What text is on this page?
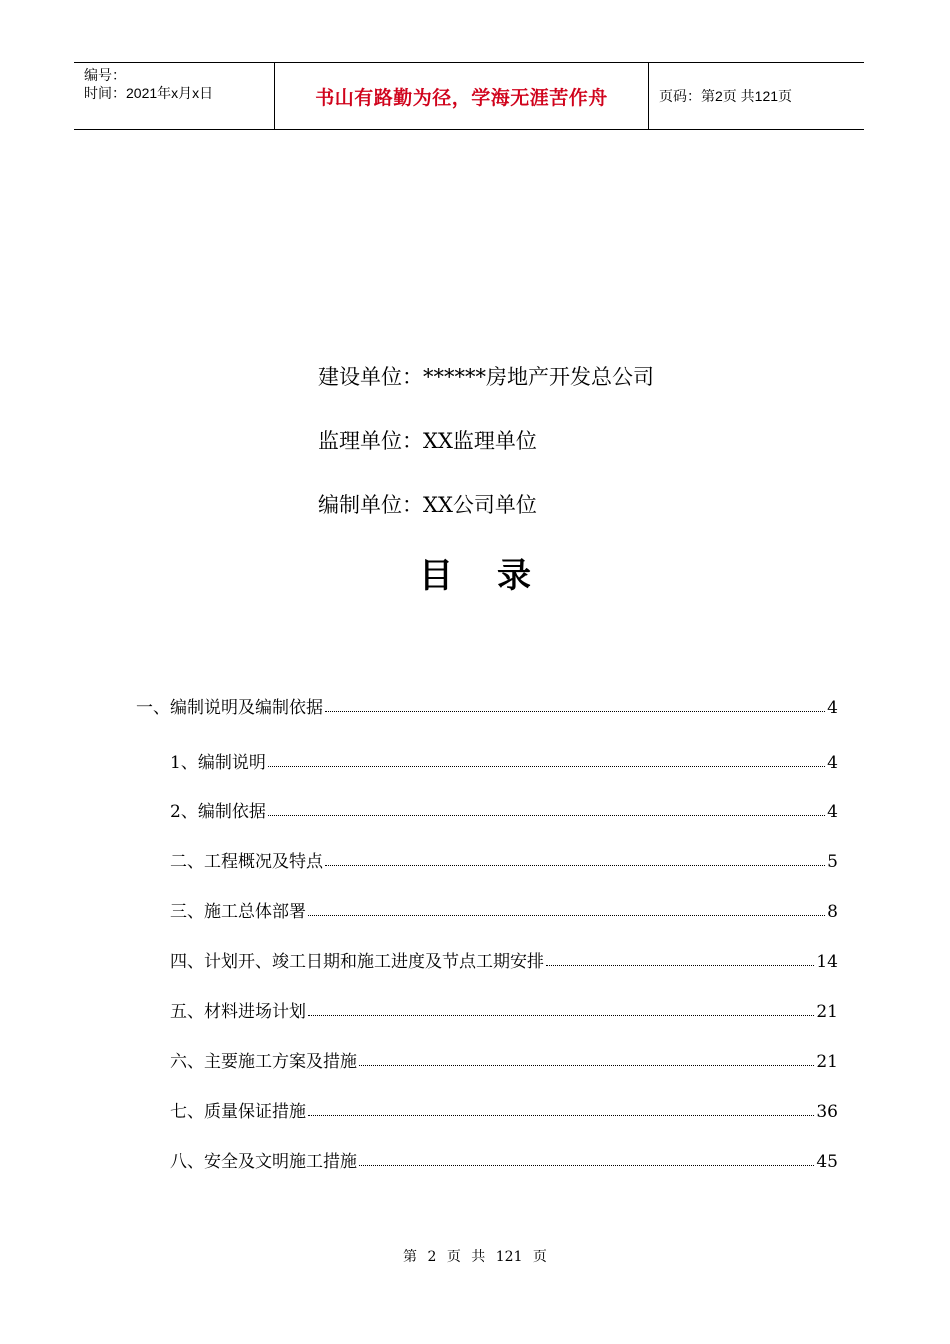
编号：
时间：2021年x月x日	书山有路勤为径，学海无涯苦作舟	页码：第2页 共121页
建设单位：******房地产开发总公司
监理单位：XX监理单位
编制单位：XX公司单位
目录
一、编制说明及编制依据	4
1、编制说明	4
2、编制依据	4
二、工程概况及特点	5
三、施工总体部署	8
四、计划开、竣工日期和施工进度及节点工期安排	14
五、材料进场计划	21
六、主要施工方案及措施	21
七、质量保证措施	36
八、安全及文明施工措施	45
第 2 页 共 121 页
